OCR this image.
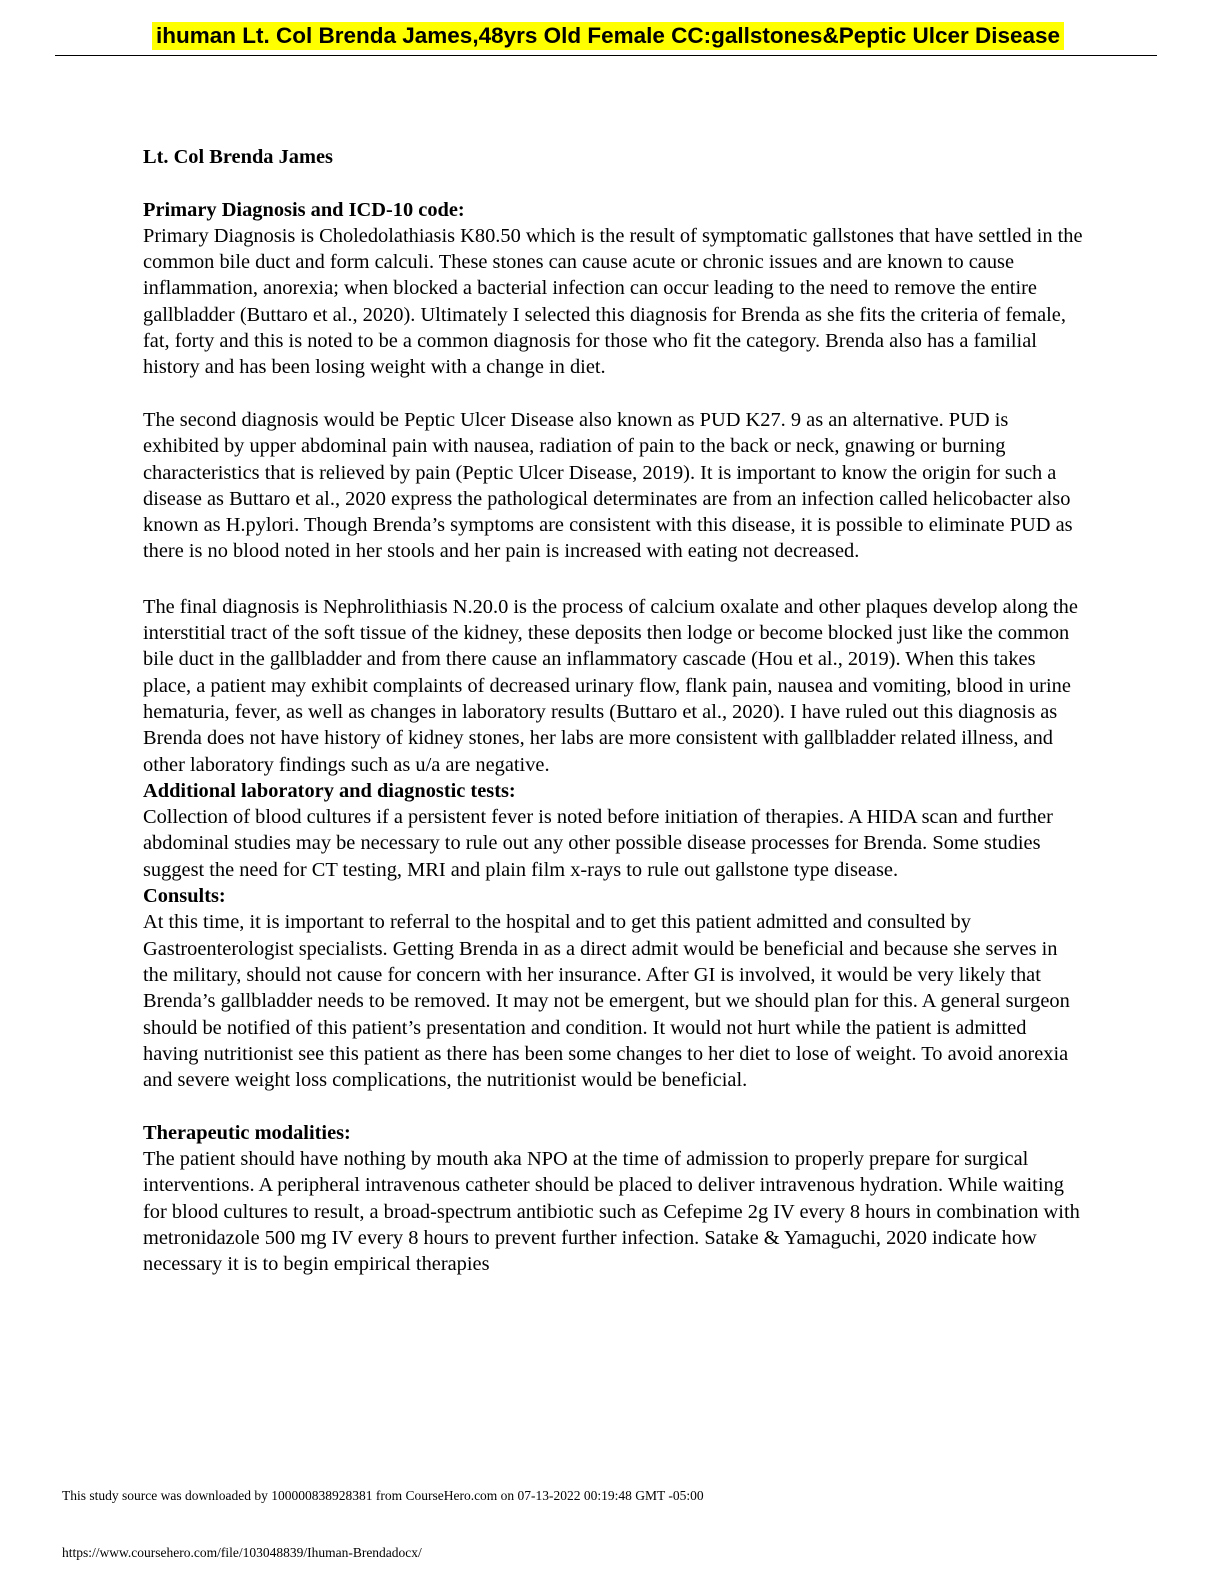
ihuman Lt. Col Brenda James,48yrs Old Female CC:gallstones&Peptic Ulcer Disease

Lt. Col Brenda James

Primary Diagnosis and ICD-10 code:

Primary Diagnosis is Choledolathiasis K80.50 which is the result of symptomatic gallstones that have settled in the common bile duct and form calculi. These stones can cause acute or chronic issues and are known to cause inflammation, anorexia; when blocked a bacterial infection can occur leading to the need to remove the entire gallbladder (Buttaro et al., 2020). Ultimately I selected this diagnosis for Brenda as she fits the criteria of female, fat, forty and this is noted to be a common diagnosis for those who fit the category. Brenda also has a familial history and has been losing weight with a change in diet.

The second diagnosis would be Peptic Ulcer Disease also known as PUD K27. 9 as an alternative. PUD is exhibited by upper abdominal pain with nausea, radiation of pain to the back or neck, gnawing or burning characteristics that is relieved by pain (Peptic Ulcer Disease, 2019). It is important to know the origin for such a disease as Buttaro et al., 2020 express the pathological determinates are from an infection called helicobacter also known as H.pylori. Though Brenda’s symptoms are consistent with this disease, it is possible to eliminate PUD as there is no blood noted in her stools and her pain is increased with eating not decreased.

The final diagnosis is Nephrolithiasis N.20.0 is the process of calcium oxalate and other plaques develop along the interstitial tract of the soft tissue of the kidney, these deposits then lodge or become blocked just like the common bile duct in the gallbladder and from there cause an inflammatory cascade (Hou et al., 2019). When this takes place, a patient may exhibit complaints of decreased urinary flow, flank pain, nausea and vomiting, blood in urine hematuria, fever, as well as changes in laboratory results (Buttaro et al., 2020). I have ruled out this diagnosis as Brenda does not have history of kidney stones, her labs are more consistent with gallbladder related illness, and other laboratory findings such as u/a are negative.

Additional laboratory and diagnostic tests:

Collection of blood cultures if a persistent fever is noted before initiation of therapies. A HIDA scan and further abdominal studies may be necessary to rule out any other possible disease processes for Brenda. Some studies suggest the need for CT testing, MRI and plain film x-rays to rule out gallstone type disease.

Consults:

At this time, it is important to referral to the hospital and to get this patient admitted and consulted by Gastroenterologist specialists. Getting Brenda in as a direct admit would be beneficial and because she serves in the military, should not cause for concern with her insurance. After GI is involved, it would be very likely that Brenda’s gallbladder needs to be removed. It may not be emergent, but we should plan for this. A general surgeon should be notified of this patient’s presentation and condition. It would not hurt while the patient is admitted having nutritionist see this patient as there has been some changes to her diet to lose of weight. To avoid anorexia and severe weight loss complications, the nutritionist would be beneficial.

Therapeutic modalities:

The patient should have nothing by mouth aka NPO at the time of admission to properly prepare for surgical interventions. A peripheral intravenous catheter should be placed to deliver intravenous hydration. While waiting for blood cultures to result, a broad-spectrum antibiotic such as Cefepime 2g IV every 8 hours in combination with metronidazole 500 mg IV every 8 hours to prevent further infection. Satake & Yamaguchi, 2020 indicate how necessary it is to begin empirical therapies

This study source was downloaded by 100000838928381 from CourseHero.com on 07-13-2022 00:19:48 GMT -05:00
https://www.coursehero.com/file/103048839/Ihuman-Brendadocx/
